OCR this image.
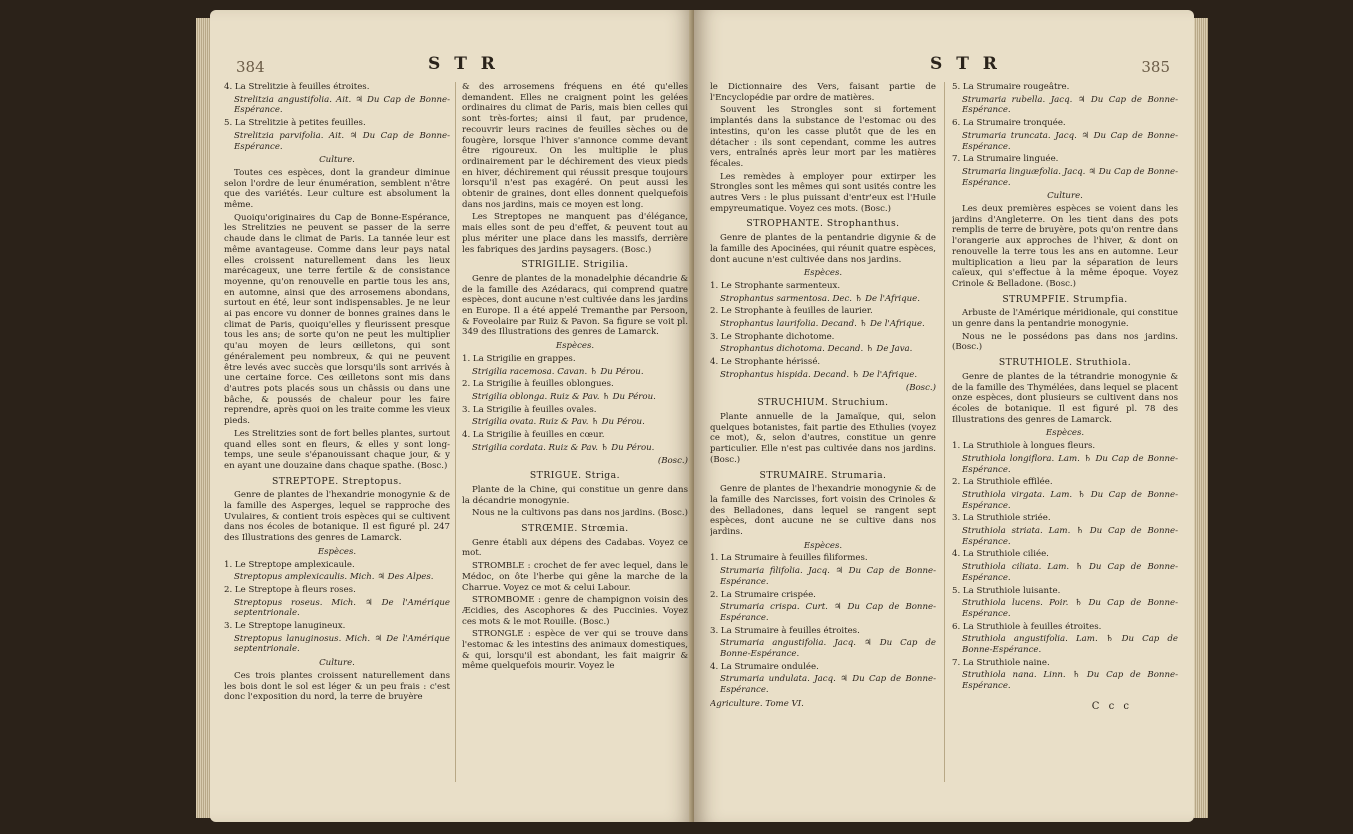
384	S T R

4. La Strelitzie à feuilles étroites.

Strelitzia angustifolia. Ait. ♃ Du Cap de Bonne-Espérance.

5. La Strelitzie à petites feuilles.

Strelitzia parvifolia. Ait. ♃ Du Cap de Bonne-Espérance.

Culture.

Toutes ces espèces, dont la grandeur diminue selon l'ordre de leur énumération, semblent n'être que des variétés. Leur culture est absolument la même.

Quoiqu'originaires du Cap de Bonne-Espérance, les Strelitzies ne peuvent se passer de la serre chaude dans le climat de Paris. La tannée leur est même avantageuse. Comme dans leur pays natal elles croissent naturellement dans les lieux marécageux, une terre fertile & de consistance moyenne, qu'on renouvelle en partie tous les ans, en automne, ainsi que des arrosemens abondans, surtout en été, leur sont indispensables. Je ne leur ai pas encore vu donner de bonnes graines dans le climat de Paris, quoiqu'elles y fleurissent presque tous les ans; de sorte qu'on ne peut les multiplier qu'au moyen de leurs œilletons, qui sont généralement peu nombreux, & qui ne peuvent être levés avec succès que lorsqu'ils sont arrivés à une certaine force. Ces œilletons sont mis dans d'autres pots placés sous un châssis ou dans une bâche, & poussés de chaleur pour les faire reprendre, après quoi on les traite comme les vieux pieds.

Les Strelitzies sont de fort belles plantes, surtout quand elles sont en fleurs, & elles y sont long-temps, une seule s'épanouissant chaque jour, & y en ayant une douzaine dans chaque spathe. (Bosc.)

STREPTOPE. Streptopus.

Genre de plantes de l'hexandrie monogynie & de la famille des Asperges, lequel se rapproche des Uvulaires, & contient trois espèces qui se cultivent dans nos écoles de botanique. Il est figuré pl. 247 des Illustrations des genres de Lamarck.

Espèces.

1. Le Streptope amplexicaule.

Streptopus amplexicaulis. Mich. ♃ Des Alpes.

2. Le Streptope à fleurs roses.

Streptopus roseus. Mich. ♃ De l'Amérique septentrionale.

3. Le Streptope lanugineux.

Streptopus lanuginosus. Mich. ♃ De l'Amérique septentrionale.

Culture.

Ces trois plantes croissent naturellement dans les bois dont le sol est léger & un peu frais : c'est donc l'exposition du nord, la terre de bruyère

& des arrosemens fréquens en été qu'elles demandent. Elles ne craignent point les gelées ordinaires du climat de Paris, mais bien celles qui sont très-fortes; ainsi il faut, par prudence, recouvrir leurs racines de feuilles sèches ou de fougère, lorsque l'hiver s'annonce comme devant être rigoureux. On les multiplie le plus ordinairement par le déchirement des vieux pieds en hiver, déchirement qui réussit presque toujours lorsqu'il n'est pas exagéré. On peut aussi les obtenir de graines, dont elles donnent quelquefois dans nos jardins, mais ce moyen est long.

Les Streptopes ne manquent pas d'élégance, mais elles sont de peu d'effet, & peuvent tout au plus mériter une place dans les massifs, derrière les fabriques des jardins paysagers. (Bosc.)

STRIGILIE. Strigilia.

Genre de plantes de la monadelphie décandrie & de la famille des Azédaracs, qui comprend quatre espèces, dont aucune n'est cultivée dans les jardins en Europe. Il a été appelé Tremanthe par Persoon, & Foveolaire par Ruiz & Pavon. Sa figure se voit pl. 349 des Illustrations des genres de Lamarck.

Espèces.

1. La Strigilie en grappes.

Strigilia racemosa. Cavan. ♄ Du Pérou.

2. La Strigilie à feuilles oblongues.

Strigilia oblonga. Ruiz & Pav. ♄ Du Pérou.

3. La Strigilie à feuilles ovales.

Strigilia ovata. Ruiz & Pav. ♄ Du Pérou.

4. La Strigilie à feuilles en cœur.

Strigilia cordata. Ruiz & Pav. ♄ Du Pérou.

(Bosc.)

STRIGUE. Striga.

Plante de la Chine, qui constitue un genre dans la décandrie monogynie.

Nous ne la cultivons pas dans nos jardins. (Bosc.)

STRŒMIE. Strœmia.

Genre établi aux dépens des Cadabas. Voyez ce mot.

STROMBLE : crochet de fer avec lequel, dans le Médoc, on ôte l'herbe qui gêne la marche de la Charrue. Voyez ce mot & celui Labour.

STROMBOME : genre de champignon voisin des Æcidies, des Ascophores & des Puccinies. Voyez ces mots & le mot Rouille. (Bosc.)

STRONGLE : espèce de ver qui se trouve dans l'estomac & les intestins des animaux domestiques, & qui, lorsqu'il est abondant, les fait maigrir & même quelquefois mourir. Voyez le

S T R	385

le Dictionnaire des Vers, faisant partie de l'Encyclopédie par ordre de matières.

Souvent les Strongles sont si fortement implantés dans la substance de l'estomac ou des intestins, qu'on les casse plutôt que de les en détacher : ils sont cependant, comme les autres vers, entraînés après leur mort par les matières fécales.

Les remèdes à employer pour extirper les Strongles sont les mêmes qui sont usités contre les autres Vers : le plus puissant d'entr'eux est l'Huile empyreumatique. Voyez ces mots. (Bosc.)

STROPHANTE. Strophanthus.

Genre de plantes de la pentandrie digynie & de la famille des Apocinées, qui réunit quatre espèces, dont aucune n'est cultivée dans nos jardins.

Espèces.

1. Le Strophante sarmenteux.

Strophantus sarmentosa. Dec. ♄ De l'Afrique.

2. Le Strophante à feuilles de laurier.

Strophantus laurifolia. Decand. ♄ De l'Afrique.

3. Le Strophante dichotome.

Strophantus dichotoma. Decand. ♄ De Java.

4. Le Strophante hérissé.

Strophantus hispida. Decand. ♄ De l'Afrique.

(Bosc.)

STRUCHIUM. Struchium.

Plante annuelle de la Jamaïque, qui, selon quelques botanistes, fait partie des Ethulies (voyez ce mot), &, selon d'autres, constitue un genre particulier. Elle n'est pas cultivée dans nos jardins. (Bosc.)

STRUMAIRE. Strumaria.

Genre de plantes de l'hexandrie monogynie & de la famille des Narcisses, fort voisin des Crinoles & des Belladones, dans lequel se rangent sept espèces, dont aucune ne se cultive dans nos jardins.

Espèces.

1. La Strumaire à feuilles filiformes.

Strumaria filifolia. Jacq. ♃ Du Cap de Bonne-Espérance.

2. La Strumaire crispée.

Strumaria crispa. Curt. ♃ Du Cap de Bonne-Espérance.

3. La Strumaire à feuilles étroites.

Strumaria angustifolia. Jacq. ♃ Du Cap de Bonne-Espérance.

4. La Strumaire ondulée.

Strumaria undulata. Jacq. ♃ Du Cap de Bonne-Espérance.

Agriculture. Tome VI.

5. La Strumaire rougeâtre.

Strumaria rubella. Jacq. ♃ Du Cap de Bonne-Espérance.

6. La Strumaire tronquée.

Strumaria truncata. Jacq. ♃ Du Cap de Bonne-Espérance.

7. La Strumaire linguée.

Strumaria linguæfolia. Jacq. ♃ Du Cap de Bonne-Espérance.

Culture.

Les deux premières espèces se voient dans les jardins d'Angleterre. On les tient dans des pots remplis de terre de bruyère, pots qu'on rentre dans l'orangerie aux approches de l'hiver, & dont on renouvelle la terre tous les ans en automne. Leur multiplication a lieu par la séparation de leurs caïeux, qui s'effectue à la même époque. Voyez Crinole & Belladone. (Bosc.)

STRUMPFIE. Strumpfia.

Arbuste de l'Amérique méridionale, qui constitue un genre dans la pentandrie monogynie.

Nous ne le possédons pas dans nos jardins. (Bosc.)

STRUTHIOLE. Struthiola.

Genre de plantes de la tétrandrie monogynie & de la famille des Thymélées, dans lequel se placent onze espèces, dont plusieurs se cultivent dans nos écoles de botanique. Il est figuré pl. 78 des Illustrations des genres de Lamarck.

Espèces.

1. La Struthiole à longues fleurs.

Struthiola longiflora. Lam. ♄ Du Cap de Bonne-Espérance.

2. La Struthiole effilée.

Struthiola virgata. Lam. ♄ Du Cap de Bonne-Espérance.

3. La Struthiole striée.

Struthiola striata. Lam. ♄ Du Cap de Bonne-Espérance.

4. La Struthiole ciliée.

Struthiola ciliata. Lam. ♄ Du Cap de Bonne-Espérance.

5. La Struthiole luisante.

Struthiola lucens. Poir. ♄ Du Cap de Bonne-Espérance.

6. La Struthiole à feuilles étroites.

Struthiola angustifolia. Lam. ♄ Du Cap de Bonne-Espérance.

7. La Struthiole naine.

Struthiola nana. Linn. ♄ Du Cap de Bonne-Espérance.

C c c
